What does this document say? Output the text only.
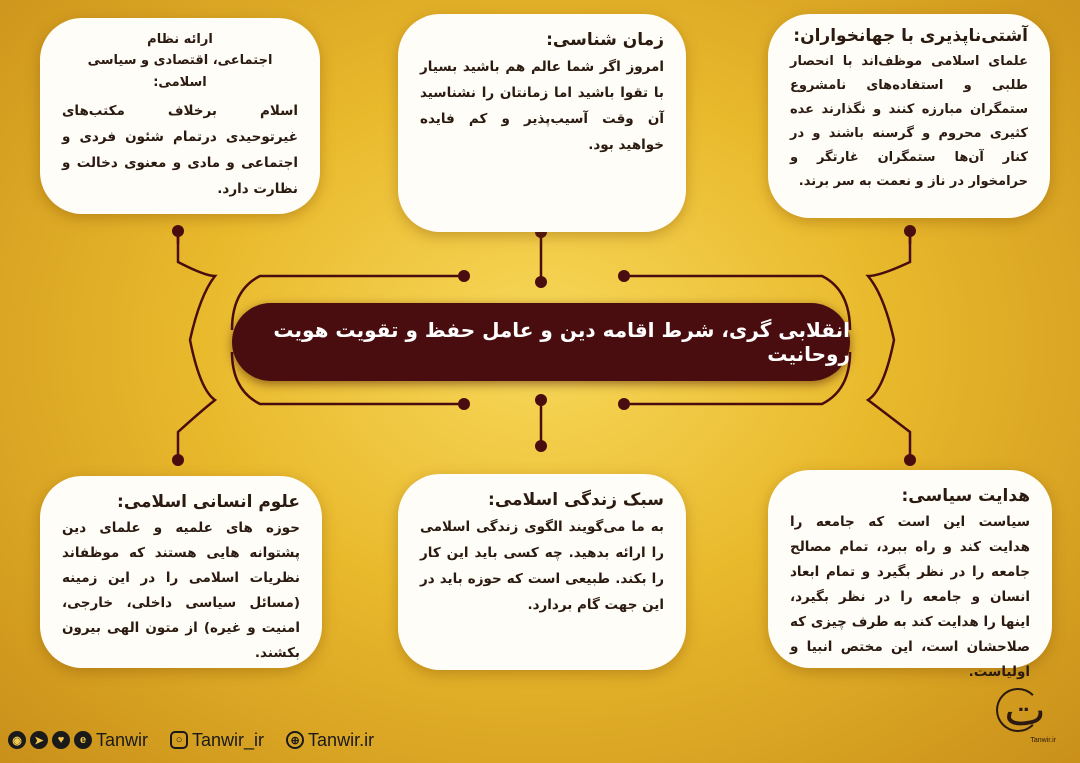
ارائه نظام
اجتماعی، اقتصادی و سیاسی اسلامی:
اسلام برخلاف مکتب‌های غیرتوحیدی درتمام شئون فردی و اجتماعی و مادی و معنوی دخالت و نظارت دارد.
زمان شناسی:
امروز اگر شما عالم هم باشید بسیار با تقوا باشید اما زمانتان را نشناسید آن وقت آسیب‌پذیر و کم فایده خواهید بود.
آشتی‌ناپذیری با جهانخواران:
علمای اسلامی موظف‌اند با انحصار طلبی و استفاده‌های نامشروع ستمگران مبارزه کنند و نگذارند عده کثیری محروم و گرسنه باشند و در کنار آن‌ها ستمگران غارتگر و حرامخوار در ناز و نعمت به سر برند.
انقلابی گری، شرط اقامه دین و عامل حفظ و تقویت هویت روحانیت
علوم انسانی اسلامی:
حوزه های علمیه و علمای دین پشتوانه هایی هستند که موظفاند نظریات اسلامی را در این زمینه (مسائل سیاسی داخلی، خارجی، امنیت و غیره) از متون الهی بیرون بکشند.
سبک زندگی اسلامی:
به ما می‌گویند الگوی زندگی اسلامی را ارائه بدهید. چه کسی باید این کار را بکند. طبیعی است که حوزه باید در این جهت گام بردارد.
هدایت سیاسی:
سیاست این است که جامعه را هدایت کند و راه ببرد، تمام مصالح جامعه را در نظر بگیرد و تمام ابعاد انسان و جامعه را در نظر بگیرد، اینها را هدایت کند به طرف چیزی که صلاحشان است، این مختص انبیا و اولیاست.
◉	➤	♥	e Tanwir	○ Tanwir_ir	⊕ Tanwir.ir
ت
Tanwir.ir
